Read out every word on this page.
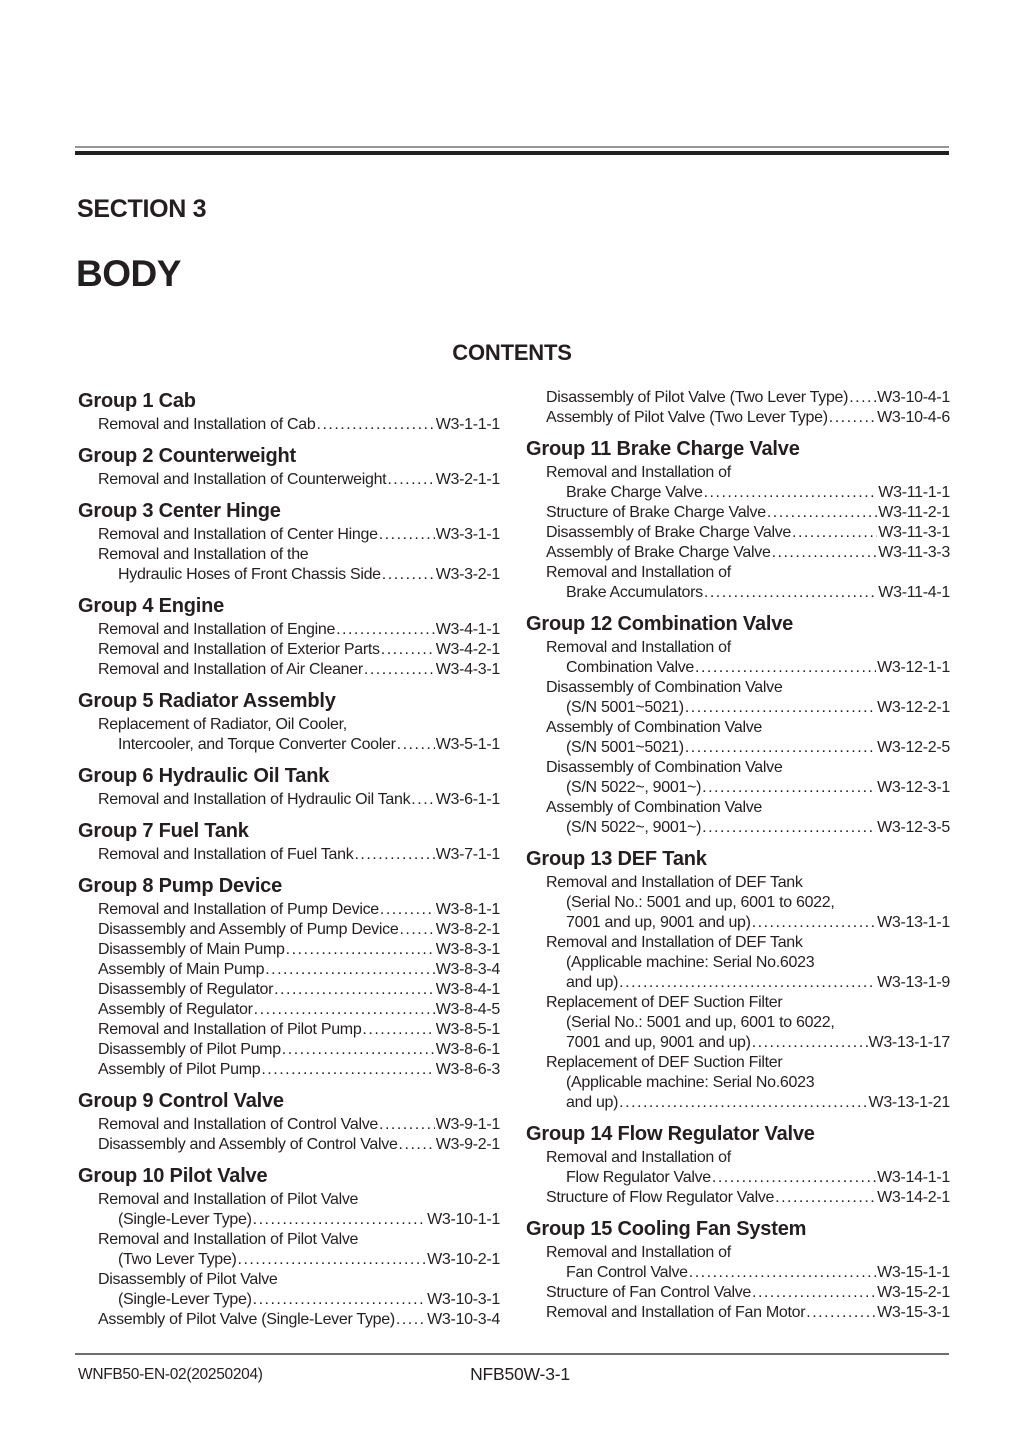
SECTION 3
BODY
CONTENTS
Group 1 Cab
Removal and Installation of Cab .....	W3-1-1-1
Group 2 Counterweight
Removal and Installation of Counterweight .....	W3-2-1-1
Group 3 Center Hinge
Removal and Installation of Center Hinge .....	W3-3-1-1
Removal and Installation of the
Hydraulic Hoses of Front Chassis Side .....	W3-3-2-1
Group 4 Engine
Removal and Installation of Engine .....	W3-4-1-1
Removal and Installation of Exterior Parts .....	W3-4-2-1
Removal and Installation of Air Cleaner .....	W3-4-3-1
Group 5 Radiator Assembly
Replacement of Radiator, Oil Cooler,
Intercooler, and Torque Converter Cooler .....	W3-5-1-1
Group 6 Hydraulic Oil Tank
Removal and Installation of Hydraulic Oil Tank ..... W3-6-1-1
Group 7 Fuel Tank
Removal and Installation of Fuel Tank .....	W3-7-1-1
Group 8 Pump Device
Removal and Installation of Pump Device .....	W3-8-1-1
Disassembly and Assembly of Pump Device ..... W3-8-2-1
Disassembly of Main Pump .....	W3-8-3-1
Assembly of Main Pump .....	W3-8-3-4
Disassembly of Regulator .....	W3-8-4-1
Assembly of Regulator .....	W3-8-4-5
Removal and Installation of Pilot Pump .....	W3-8-5-1
Disassembly of Pilot Pump .....	W3-8-6-1
Assembly of Pilot Pump .....	W3-8-6-3
Group 9 Control Valve
Removal and Installation of Control Valve .....	W3-9-1-1
Disassembly and Assembly of Control Valve ..... W3-9-2-1
Group 10 Pilot Valve
Removal and Installation of Pilot Valve
(Single-Lever Type) .....	W3-10-1-1
Removal and Installation of Pilot Valve
(Two Lever Type) .....	W3-10-2-1
Disassembly of Pilot Valve
(Single-Lever Type) .....	W3-10-3-1
Assembly of Pilot Valve (Single-Lever Type) ..... W3-10-3-4
Disassembly of Pilot Valve (Two Lever Type) ..... W3-10-4-1
Assembly of Pilot Valve (Two Lever Type) .....	W3-10-4-6
Group 11 Brake Charge Valve
Removal and Installation of
Brake Charge Valve .....	W3-11-1-1
Structure of Brake Charge Valve .....	W3-11-2-1
Disassembly of Brake Charge Valve .....	W3-11-3-1
Assembly of Brake Charge Valve .....	W3-11-3-3
Removal and Installation of
Brake Accumulators .....	W3-11-4-1
Group 12 Combination Valve
Removal and Installation of
Combination Valve .....	W3-12-1-1
Disassembly of Combination Valve
(S/N 5001~5021) .....	W3-12-2-1
Assembly of Combination Valve
(S/N 5001~5021) .....	W3-12-2-5
Disassembly of Combination Valve
(S/N 5022~, 9001~) .....	W3-12-3-1
Assembly of Combination Valve
(S/N 5022~, 9001~) .....	W3-12-3-5
Group 13 DEF Tank
Removal and Installation of DEF Tank
(Serial No.: 5001 and up, 6001 to 6022,
7001 and up, 9001 and up) .....	W3-13-1-1
Removal and Installation of DEF Tank
(Applicable machine: Serial No.6023
and up) .....	W3-13-1-9
Replacement of DEF Suction Filter
(Serial No.: 5001 and up, 6001 to 6022,
7001 and up, 9001 and up) .....	W3-13-1-17
Replacement of DEF Suction Filter
(Applicable machine: Serial No.6023
and up) .....	W3-13-1-21
Group 14 Flow Regulator Valve
Removal and Installation of
Flow Regulator Valve .....	W3-14-1-1
Structure of Flow Regulator Valve .....	W3-14-2-1
Group 15 Cooling Fan System
Removal and Installation of
Fan Control Valve .....	W3-15-1-1
Structure of Fan Control Valve .....	W3-15-2-1
Removal and Installation of Fan Motor .....	W3-15-3-1
WNFB50-EN-02(20250204)	NFB50W-3-1
